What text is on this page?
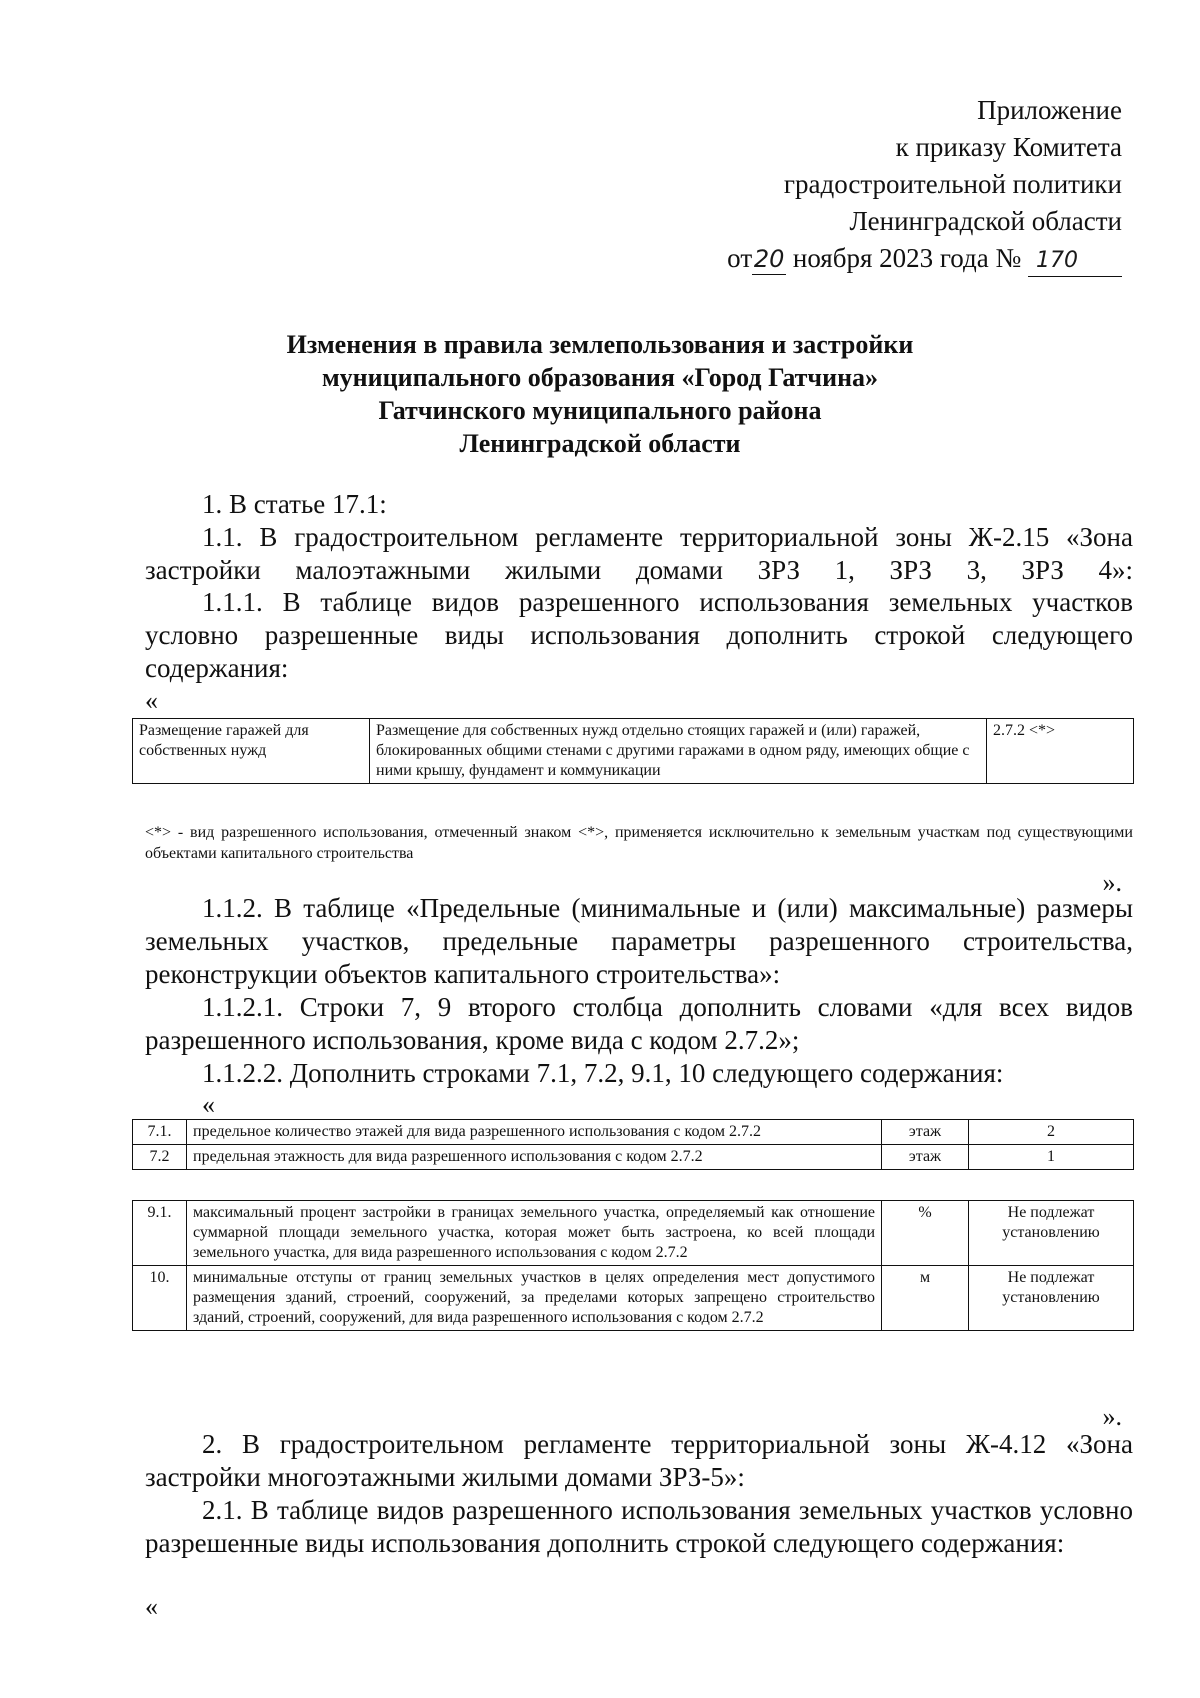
Приложение
к приказу Комитета
градостроительной политики
Ленинградской области
от20 ноября 2023 года № 170
Изменения в правила землепользования и застройки
муниципального образования «Город Гатчина»
Гатчинского муниципального района
Ленинградской области

1. В статье 17.1:

1.1. В градостроительном регламенте территориальной зоны Ж-2.15 «Зона застройки малоэтажными жилыми домами ЗРЗ 1, ЗРЗ 3, ЗРЗ 4»:

1.1.1. В таблице видов разрешенного использования земельных участков условно разрешенные виды использования дополнить строкой следующего содержания:

«
Размещение гаражей для собственных нужд	Размещение для собственных нужд отдельно стоящих гаражей и (или) гаражей, блокированных общими стенами с другими гаражами в одном ряду, имеющих общие с ними крышу, фундамент и коммуникации	2.7.2 <*>
<*> - вид разрешенного использования, отмеченный знаком <*>, применяется исключительно к земельным участкам под существующими объектами капитального строительства
».

1.1.2. В таблице «Предельные (минимальные и (или) максимальные) размеры земельных участков, предельные параметры разрешенного строительства, реконструкции объектов капитального строительства»:

1.1.2.1. Строки 7, 9 второго столбца дополнить словами «для всех видов разрешенного использования, кроме вида с кодом 2.7.2»;

1.1.2.2. Дополнить строками 7.1, 7.2, 9.1, 10 следующего содержания:

«
7.1.	предельное количество этажей для вида разрешенного использования с кодом 2.7.2	этаж	2
7.2	предельная этажность для вида разрешенного использования с кодом 2.7.2	этаж	1
9.1.	максимальный процент застройки в границах земельного участка, определяемый как отношение суммарной площади земельного участка, которая может быть застроена, ко всей площади земельного участка, для вида разрешенного использования с кодом 2.7.2	%	Не подлежат установлению
10.	минимальные отступы от границ земельных участков в целях определения мест допустимого размещения зданий, строений, сооружений, за пределами которых запрещено строительство зданий, строений, сооружений, для вида разрешенного использования с кодом 2.7.2	м	Не подлежат установлению
».

2. В градостроительном регламенте территориальной зоны Ж-4.12 «Зона застройки многоэтажными жилыми домами ЗРЗ-5»:

2.1. В таблице видов разрешенного использования земельных участков условно разрешенные виды использования дополнить строкой следующего содержания:

«
